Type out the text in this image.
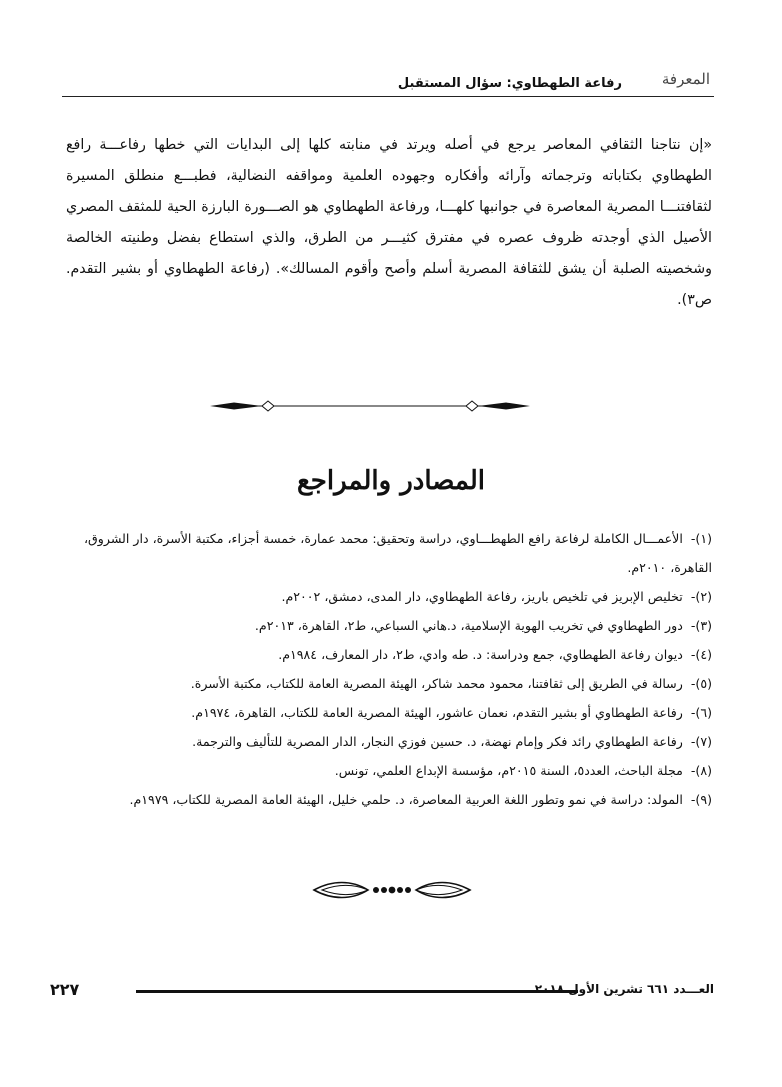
رفاعة الطهطاوي: سؤال المستقبل	المعرفة

«إن نتاجنا الثقافي المعاصر يرجع في أصله ويرتد في منابته كلها إلى البدايات التي خطها رفاعـــة رافع الطهطاوي بكتاباته وترجماته وآرائه وأفكاره وجهوده العلمية ومواقفه النضالية، فطبـــع منطلق المسيرة لثقافتنـــا المصرية المعاصرة في جوانبها كلهـــا، ورفاعة الطهطاوي هو الصـــورة البارزة الحية للمثقف المصري الأصيل الذي أوجدته ظروف عصره في مفترق كثيـــر من الطرق، والذي استطاع بفضل وطنيته الخالصة وشخصيته الصلبة أن يشق للثقافة المصرية أسلم وأصح وأقوم المسالك». (رفاعة الطهطاوي أو بشير التقدم. ص٣).

المصادر والمراجع
(١)- الأعمـــال الكاملة لرفاعة رافع الطهطـــاوي، دراسة وتحقيق: محمد عمارة، خمسة أجزاء، مكتبة الأسرة، دار الشروق، القاهرة، ٢٠١٠م.
(٢)- تخليص الإبريز في تلخيص باريز، رفاعة الطهطاوي، دار المدى، دمشق، ٢٠٠٢م.
(٣)- دور الطهطاوي في تخريب الهوية الإسلامية، د.هاني السباعي، ط٢، القاهرة، ٢٠١٣م.
(٤)- ديوان رفاعة الطهطاوي، جمع ودراسة: د. طه وادي، ط٢، دار المعارف، ١٩٨٤م.
(٥)- رسالة في الطريق إلى ثقافتنا، محمود محمد شاكر، الهيئة المصرية العامة للكتاب، مكتبة الأسرة.
(٦)- رفاعة الطهطاوي أو بشير التقدم، نعمان عاشور، الهيئة المصرية العامة للكتاب، القاهرة، ١٩٧٤م.
(٧)- رفاعة الطهطاوي رائد فكر وإمام نهضة، د. حسين فوزي النجار، الدار المصرية للتأليف والترجمة.
(٨)- مجلة الباحث، العدد٥، السنة ٢٠١٥م، مؤسسة الإبداع العلمي، تونس.
(٩)- المولد: دراسة في نمو وتطور اللغة العربية المعاصرة، د. حلمي خليل، الهيئة العامة المصرية للكتاب، ١٩٧٩م.
٢٢٧	العـــدد ٦٦١ تشرين الأول ٢٠١٨
